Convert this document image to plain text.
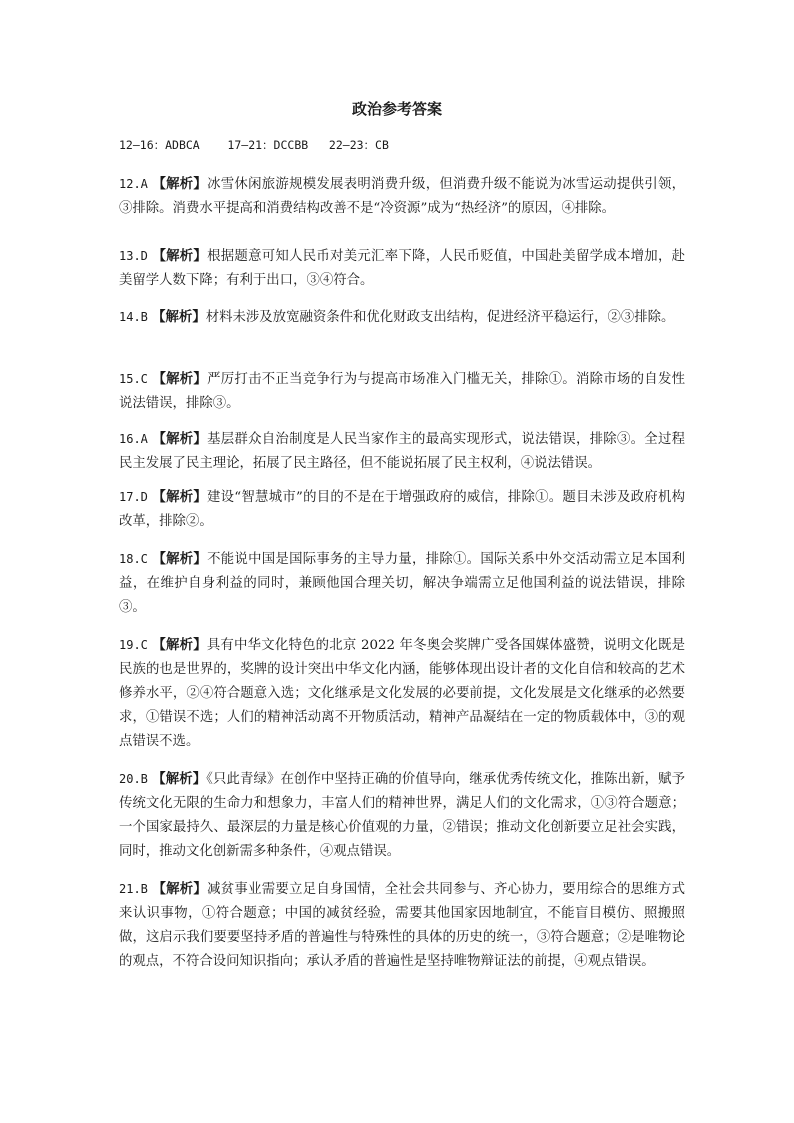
政治参考答案
12—16：ADBCA    17—21：DCCBB   22—23：CB
12.A 【解析】冰雪休闲旅游规模发展表明消费升级，但消费升级不能说为冰雪运动提供引领，③排除。消费水平提高和消费结构改善不是“冷资源”成为“热经济”的原因，④排除。
13.D 【解析】根据题意可知人民币对美元汇率下降，人民币贬值，中国赴美留学成本增加，赴美留学人数下降；有利于出口，③④符合。
14.B 【解析】材料未涉及放宽融资条件和优化财政支出结构，促进经济平稳运行，②③排除。
15.C 【解析】严厉打击不正当竞争行为与提高市场准入门槛无关，排除①。消除市场的自发性说法错误，排除③。
16.A 【解析】基层群众自治制度是人民当家作主的最高实现形式，说法错误，排除③。全过程民主发展了民主理论，拓展了民主路径，但不能说拓展了民主权利，④说法错误。
17.D 【解析】建设“智慧城市”的目的不是在于增强政府的威信，排除①。题目未涉及政府机构改革，排除②。
18.C 【解析】不能说中国是国际事务的主导力量，排除①。国际关系中外交活动需立足本国利益，在维护自身利益的同时，兼顾他国合理关切，解决争端需立足他国利益的说法错误，排除③。
19.C 【解析】具有中华文化特色的北京 2022 年冬奥会奖牌广受各国媒体盛赞，说明文化既是民族的也是世界的，奖牌的设计突出中华文化内涵，能够体现出设计者的文化自信和较高的艺术修养水平，②④符合题意入选；文化继承是文化发展的必要前提，文化发展是文化继承的必然要求，①错误不选；人们的精神活动离不开物质活动，精神产品凝结在一定的物质载体中，③的观点错误不选。
20.B 【解析】《只此青绿》在创作中坚持正确的价值导向，继承优秀传统文化，推陈出新，赋予传统文化无限的生命力和想象力，丰富人们的精神世界，满足人们的文化需求，①③符合题意；一个国家最持久、最深层的力量是核心价值观的力量，②错误；推动文化创新要立足社会实践，同时，推动文化创新需多种条件，④观点错误。
21.B 【解析】减贫事业需要立足自身国情，全社会共同参与、齐心协力，要用综合的思维方式来认识事物，①符合题意；中国的减贫经验，需要其他国家因地制宜，不能盲目模仿、照搬照做，这启示我们要要坚持矛盾的普遍性与特殊性的具体的历史的统一，③符合题意；②是唯物论的观点，不符合设问知识指向；承认矛盾的普遍性是坚持唯物辩证法的前提，④观点错误。
